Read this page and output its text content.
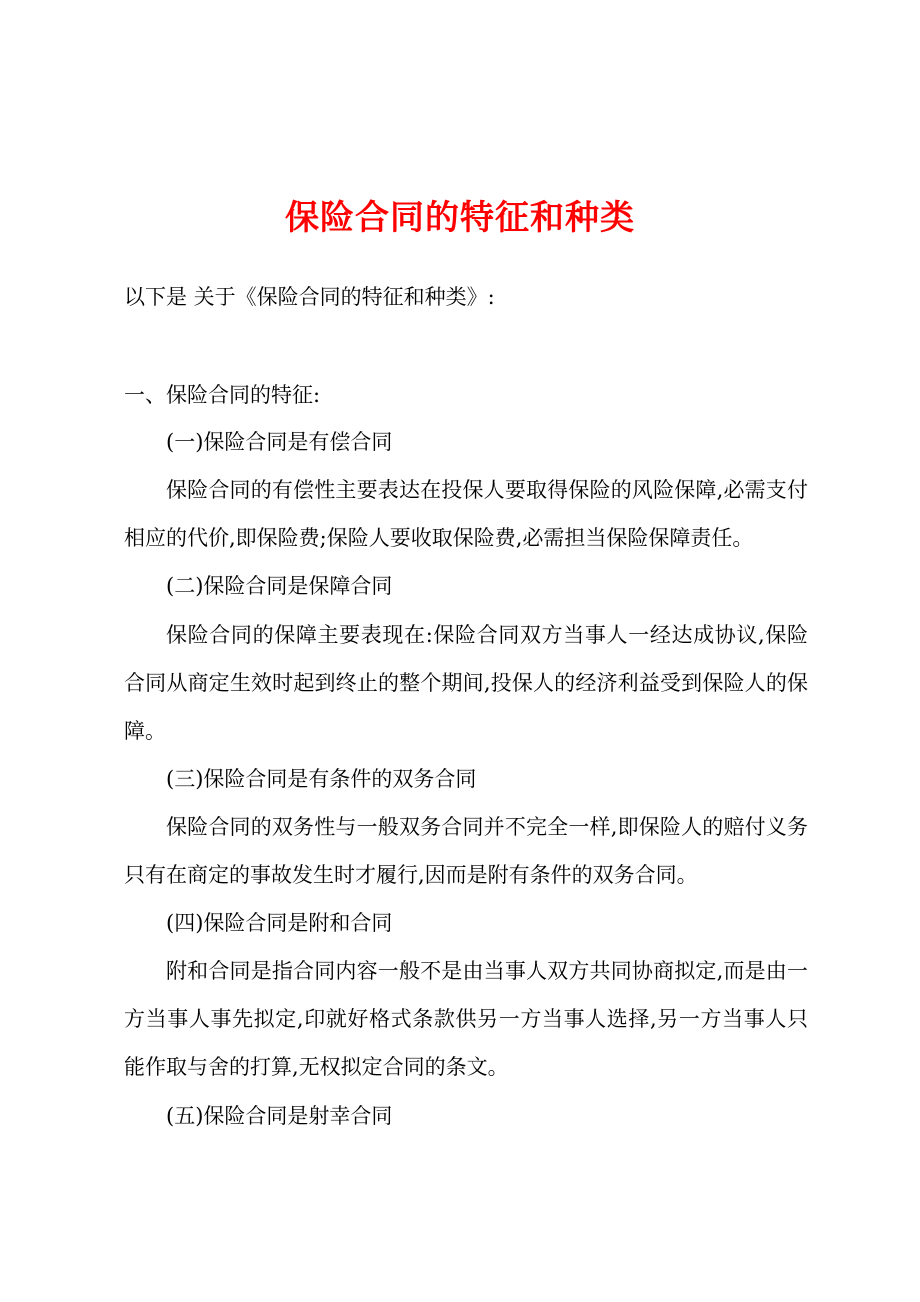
保险合同的特征和种类
以下是 关于《保险合同的特征和种类》:
一、保险合同的特征:
(一)保险合同是有偿合同

保险合同的有偿性主要表达在投保人要取得保险的风险保障,必需支付相应的代价,即保险费;保险人要收取保险费,必需担当保险保障责任。

(二)保险合同是保障合同

保险合同的保障主要表现在:保险合同双方当事人一经达成协议,保险合同从商定生效时起到终止的整个期间,投保人的经济利益受到保险人的保障。

(三)保险合同是有条件的双务合同

保险合同的双务性与一般双务合同并不完全一样,即保险人的赔付义务只有在商定的事故发生时才履行,因而是附有条件的双务合同。

(四)保险合同是附和合同

附和合同是指合同内容一般不是由当事人双方共同协商拟定,而是由一方当事人事先拟定,印就好格式条款供另一方当事人选择,另一方当事人只能作取与舍的打算,无权拟定合同的条文。

(五)保险合同是射幸合同
